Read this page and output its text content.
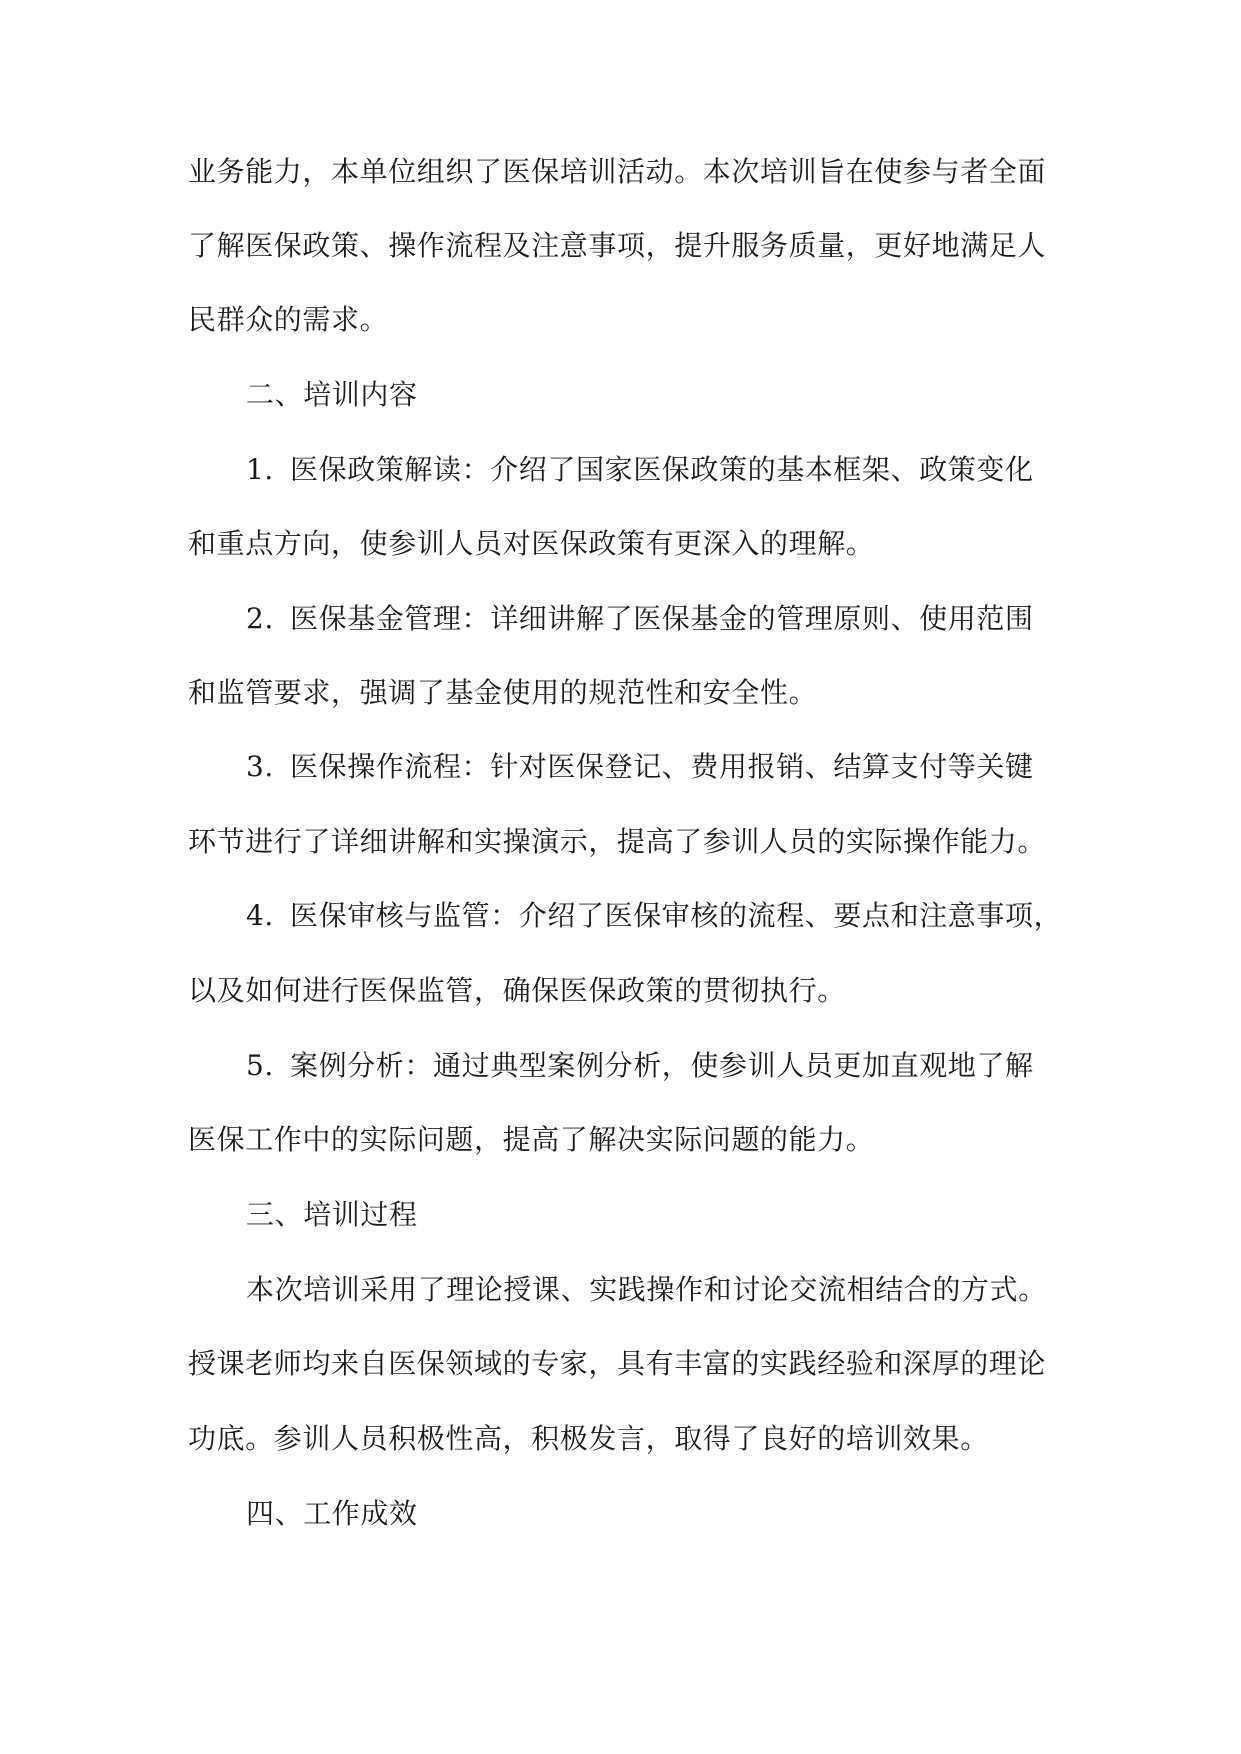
业务能力，本单位组织了医保培训活动。本次培训旨在使参与者全面
了解医保政策、操作流程及注意事项，提升服务质量，更好地满足人
民群众的需求。
二、培训内容
1. 医保政策解读：介绍了国家医保政策的基本框架、政策变化
和重点方向，使参训人员对医保政策有更深入的理解。
2. 医保基金管理：详细讲解了医保基金的管理原则、使用范围
和监管要求，强调了基金使用的规范性和安全性。
3. 医保操作流程：针对医保登记、费用报销、结算支付等关键
环节进行了详细讲解和实操演示，提高了参训人员的实际操作能力。
4. 医保审核与监管：介绍了医保审核的流程、要点和注意事项，
以及如何进行医保监管，确保医保政策的贯彻执行。
5. 案例分析：通过典型案例分析，使参训人员更加直观地了解
医保工作中的实际问题，提高了解决实际问题的能力。
三、培训过程
本次培训采用了理论授课、实践操作和讨论交流相结合的方式。
授课老师均来自医保领域的专家，具有丰富的实践经验和深厚的理论
功底。参训人员积极性高，积极发言，取得了良好的培训效果。
四、工作成效
